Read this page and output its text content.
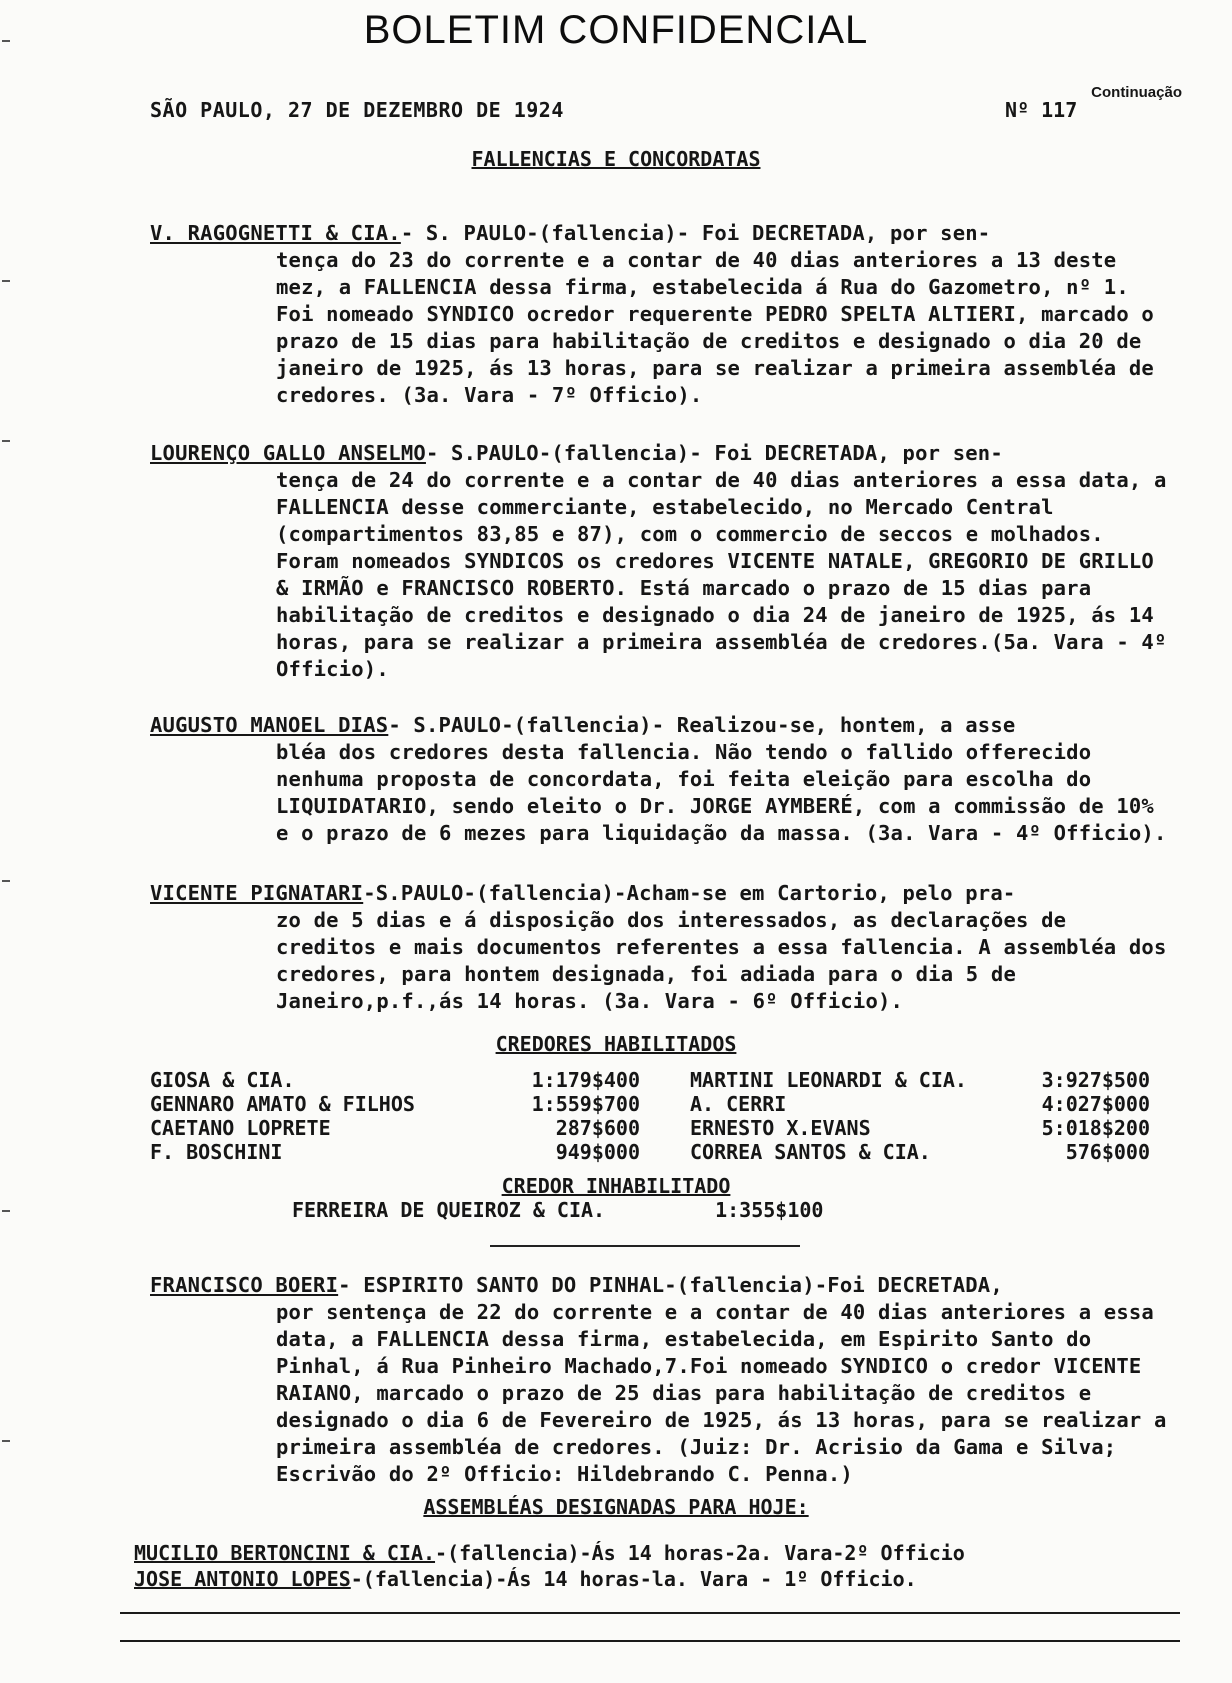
BOLETIM CONFIDENCIAL
Continuação
SÃO PAULO, 27 DE DEZEMBRO DE 1924	Nº 117
FALLENCIAS E CONCORDATAS
V. RAGOGNETTI & CIA.- S. PAULO-(fallencia)- Foi DECRETADA, por sen-
tença do 23 do corrente e a contar de 40 dias anteriores a 13 deste mez, a FALLENCIA dessa firma, estabelecida á Rua do Gazometro, nº 1. Foi nomeado SYNDICO ocredor requerente PEDRO SPELTA ALTIERI, marcado o prazo de 15 dias para habilitação de creditos e designado o dia 20 de janeiro de 1925, ás 13 horas, para se realizar a primeira assembléa de credores. (3a. Vara - 7º Officio).
LOURENÇO GALLO ANSELMO- S.PAULO-(fallencia)- Foi DECRETADA, por sen-
tença de 24 do corrente e a contar de 40 dias anteriores a essa data, a FALLENCIA desse commerciante, estabelecido, no Mercado Central (compartimentos 83,85 e 87), com o commercio de seccos e molhados. Foram nomeados SYNDICOS os credores VICENTE NATALE, GREGORIO DE GRILLO & IRMÃO e FRANCISCO ROBERTO. Está marcado o prazo de 15 dias para habilitação de creditos e designado o dia 24 de janeiro de 1925, ás 14 horas, para se realizar a primeira assembléa de credores.(5a. Vara - 4º Officio).
AUGUSTO MANOEL DIAS- S.PAULO-(fallencia)- Realizou-se, hontem, a asse
bléa dos credores desta fallencia. Não tendo o fallido offerecido nenhuma proposta de concordata, foi feita eleição para escolha do LIQUIDATARIO, sendo eleito o Dr. JORGE AYMBERÉ, com a commissão de 10% e o prazo de 6 mezes para liquidação da massa. (3a. Vara - 4º Officio).
VICENTE PIGNATARI-S.PAULO-(fallencia)-Acham-se em Cartorio, pelo pra-
zo de 5 dias e á disposição dos interessados, as declarações de creditos e mais documentos referentes a essa fallencia. A assembléa dos credores, para hontem designada, foi adiada para o dia 5 de Janeiro,p.f.,ás 14 horas. (3a. Vara - 6º Officio).
CREDORES HABILITADOS
GIOSA & CIA.	1:179$400	MARTINI LEONARDI & CIA.	3:927$500
GENNARO AMATO & FILHOS	1:559$700	A. CERRI	4:027$000
CAETANO LOPRETE	287$600	ERNESTO X.EVANS	5:018$200
F. BOSCHINI	949$000	CORREA SANTOS & CIA.	576$000
CREDOR INHABILITADO
FERREIRA DE QUEIROZ & CIA.	1:355$100
FRANCISCO BOERI- ESPIRITO SANTO DO PINHAL-(fallencia)-Foi DECRETADA,
por sentença de 22 do corrente e a contar de 40 dias anteriores a essa data, a FALLENCIA dessa firma, estabelecida, em Espirito Santo do Pinhal, á Rua Pinheiro Machado,7.Foi nomeado SYNDICO o credor VICENTE RAIANO, marcado o prazo de 25 dias para habilitação de creditos e designado o dia 6 de Fevereiro de 1925, ás 13 horas, para se realizar a primeira assembléa de credores. (Juiz: Dr. Acrisio da Gama e Silva; Escrivão do 2º Officio: Hildebrando C. Penna.)
ASSEMBLÉAS DESIGNADAS PARA HOJE:
MUCILIO BERTONCINI & CIA.-(fallencia)-Ás 14 horas-2a. Vara-2º Officio
JOSE ANTONIO LOPES-(fallencia)-Ás 14 horas-la. Vara - 1º Officio.
